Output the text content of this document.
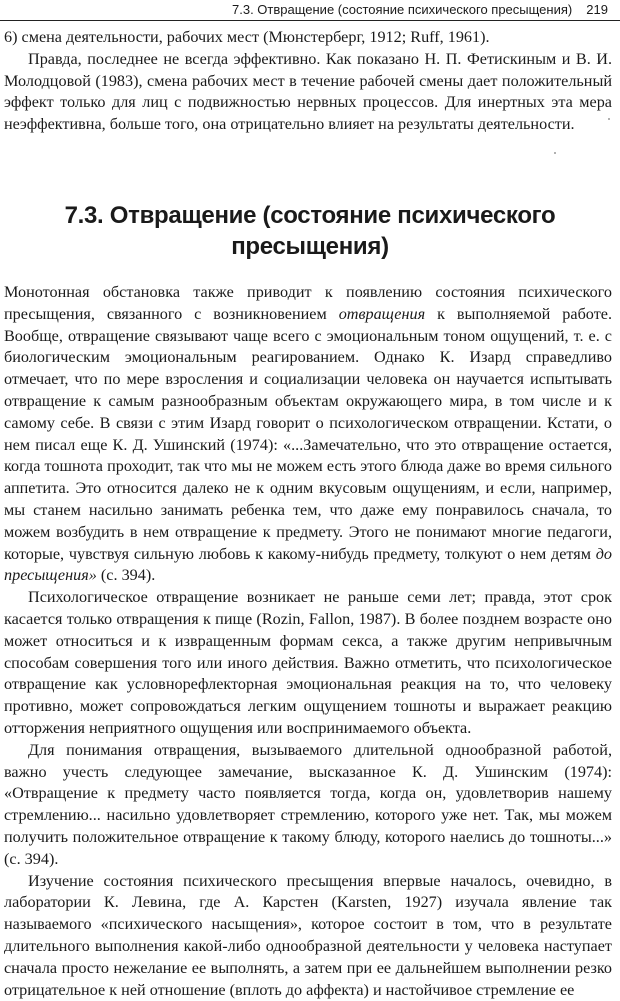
7.3. Отвращение (состояние психического пресыщения) 219

6) смена деятельности, рабочих мест (Мюнстерберг, 1912; Ruff, 1961).

Правда, последнее не всегда эффективно. Как показано Н. П. Фетискиным и В. И. Молодцовой (1983), смена рабочих мест в течение рабочей смены дает положительный эффект только для лиц с подвижностью нервных процессов. Для инертных эта мера неэффективна, больше того, она отрицательно влияет на результаты деятельности.

7.3. Отвращение (состояние психического пресыщения)

Монотонная обстановка также приводит к появлению состояния психического пресыщения, связанного с возникновением отвращения к выполняемой работе. Вообще, отвращение связывают чаще всего с эмоциональным тоном ощущений, т. е. с биологическим эмоциональным реагированием. Однако К. Изард справедливо отмечает, что по мере взросления и социализации человека он научается испытывать отвращение к самым разнообразным объектам окружающего мира, в том числе и к самому себе. В связи с этим Изард говорит о психологическом отвращении. Кстати, о нем писал еще К. Д. Ушинский (1974): «...Замечательно, что это отвращение остается, когда тошнота проходит, так что мы не можем есть этого блюда даже во время сильного аппетита. Это относится далеко не к одним вкусовым ощущениям, и если, например, мы станем насильно занимать ребенка тем, что даже ему понравилось сначала, то можем возбудить в нем отвращение к предмету. Этого не понимают многие педагоги, которые, чувствуя сильную любовь к какому-нибудь предмету, толкуют о нем детям до пресыщения» (с. 394).

Психологическое отвращение возникает не раньше семи лет; правда, этот срок касается только отвращения к пище (Rozin, Fallon, 1987). В более позднем возрасте оно может относиться и к извращенным формам секса, а также другим непривычным способам совершения того или иного действия. Важно отметить, что психологическое отвращение как условнорефлекторная эмоциональная реакция на то, что человеку противно, может сопровождаться легким ощущением тошноты и выражает реакцию отторжения неприятного ощущения или воспринимаемого объекта.

Для понимания отвращения, вызываемого длительной однообразной работой, важно учесть следующее замечание, высказанное К. Д. Ушинским (1974): «Отвращение к предмету часто появляется тогда, когда он, удовлетворив нашему стремлению... насильно удовлетворяет стремлению, которого уже нет. Так, мы можем получить положительное отвращение к такому блюду, которого наелись до тошноты...» (с. 394).

Изучение состояния психического пресыщения впервые началось, очевидно, в лаборатории К. Левина, где А. Карстен (Karsten, 1927) изучала явление так называемого «психического насыщения», которое состоит в том, что в результате длительного выполнения какой-либо однообразной деятельности у человека наступает сначала просто нежелание ее выполнять, а затем при ее дальнейшем выполнении резко отрицательное к ней отношение (вплоть до аффекта) и настойчивое стремление ее
